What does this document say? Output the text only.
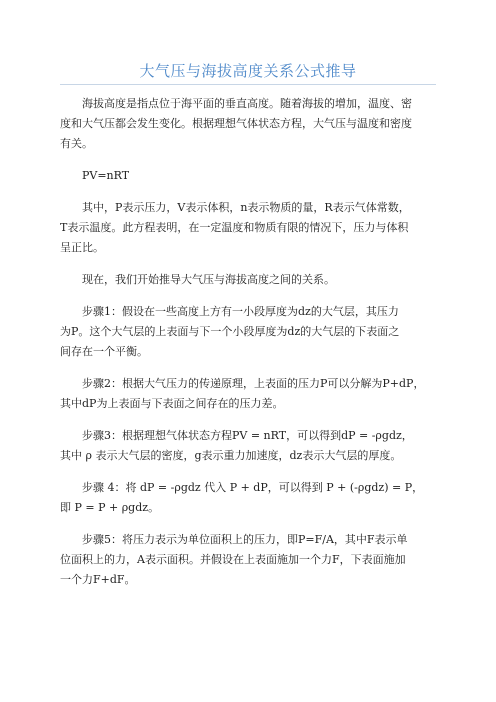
大气压与海拔高度关系公式推导
海拔高度是指点位于海平面的垂直高度。随着海拔的增加，温度、密
度和大气压都会发生变化。根据理想气体状态方程，大气压与温度和密度
有关。
PV=nRT
其中，P表示压力，V表示体积，n表示物质的量，R表示气体常数，
T表示温度。此方程表明，在一定温度和物质有限的情况下，压力与体积
呈正比。
现在，我们开始推导大气压与海拔高度之间的关系。
步骤1：假设在一些高度上方有一小段厚度为dz的大气层，其压力
为P。这个大气层的上表面与下一个小段厚度为dz的大气层的下表面之
间存在一个平衡。
步骤2：根据大气压力的传递原理，上表面的压力P可以分解为P+dP，
其中dP为上表面与下表面之间存在的压力差。
步骤3：根据理想气体状态方程PV = nRT，可以得到dP = -ρgdz，
其中 ρ 表示大气层的密度，g表示重力加速度，dz表示大气层的厚度。
步骤 4：将 dP = -ρgdz 代入 P + dP，可以得到 P + (-ρgdz) = P，
即 P = P + ρgdz。
步骤5：将压力表示为单位面积上的压力，即P=F/A，其中F表示单
位面积上的力，A表示面积。并假设在上表面施加一个力F，下表面施加
一个力F+dF。
